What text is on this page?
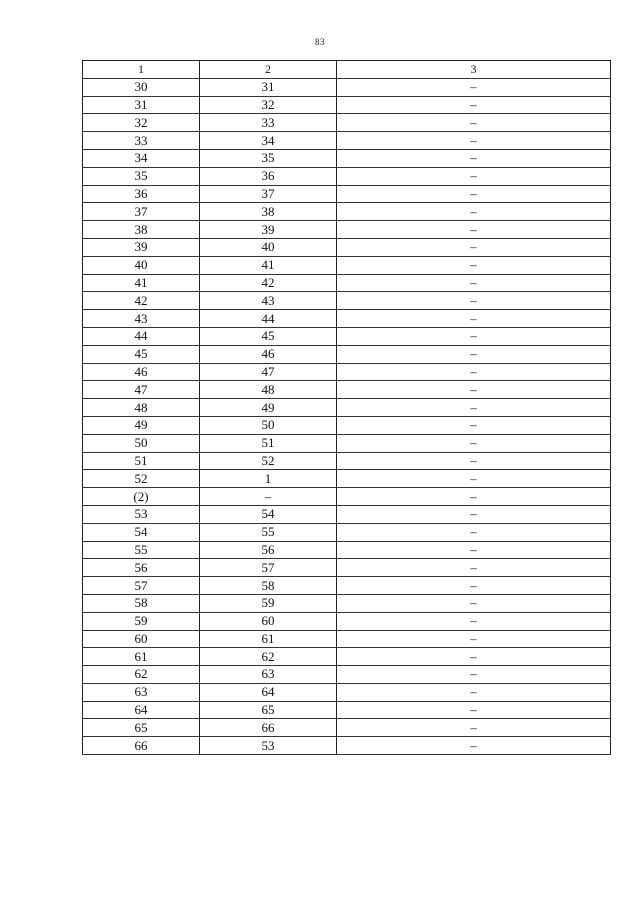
83
1	2	3
30	31	–
31	32	–
32	33	–
33	34	–
34	35	–
35	36	–
36	37	–
37	38	–
38	39	–
39	40	–
40	41	–
41	42	–
42	43	–
43	44	–
44	45	–
45	46	–
46	47	–
47	48	–
48	49	–
49	50	–
50	51	–
51	52	–
52	1	–
(2)	–	–
53	54	–
54	55	–
55	56	–
56	57	–
57	58	–
58	59	–
59	60	–
60	61	–
61	62	–
62	63	–
63	64	–
64	65	–
65	66	–
66	53	–
